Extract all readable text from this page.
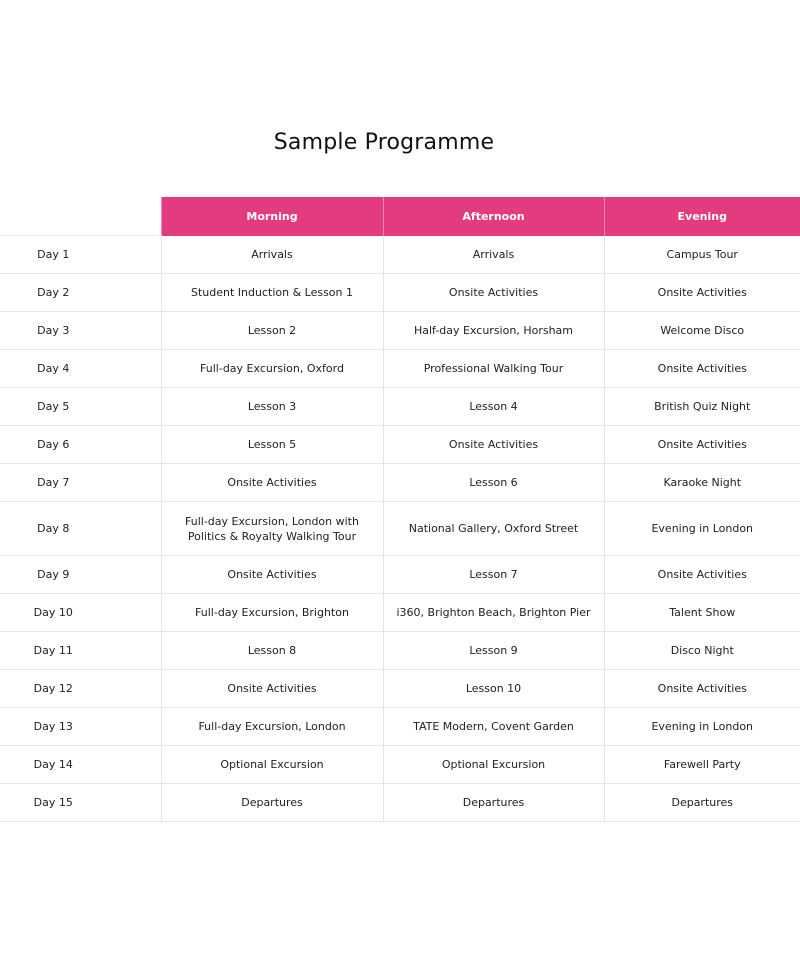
Sample Programme
	Morning	Afternoon	Evening
Day 1	Arrivals	Arrivals	Campus Tour
Day 2	Student Induction & Lesson 1	Onsite Activities	Onsite Activities
Day 3	Lesson 2	Half-day Excursion, Horsham	Welcome Disco
Day 4	Full-day Excursion, Oxford	Professional Walking Tour	Onsite Activities
Day 5	Lesson 3	Lesson 4	British Quiz Night
Day 6	Lesson 5	Onsite Activities	Onsite Activities
Day 7	Onsite Activities	Lesson 6	Karaoke Night
Day 8	Full-day Excursion, London with Politics & Royalty Walking Tour	National Gallery, Oxford Street	Evening in London
Day 9	Onsite Activities	Lesson 7	Onsite Activities
Day 10	Full-day Excursion, Brighton	i360, Brighton Beach, Brighton Pier	Talent Show
Day 11	Lesson 8	Lesson 9	Disco Night
Day 12	Onsite Activities	Lesson 10	Onsite Activities
Day 13	Full-day Excursion, London	TATE Modern, Covent Garden	Evening in London
Day 14	Optional Excursion	Optional Excursion	Farewell Party
Day 15	Departures	Departures	Departures
